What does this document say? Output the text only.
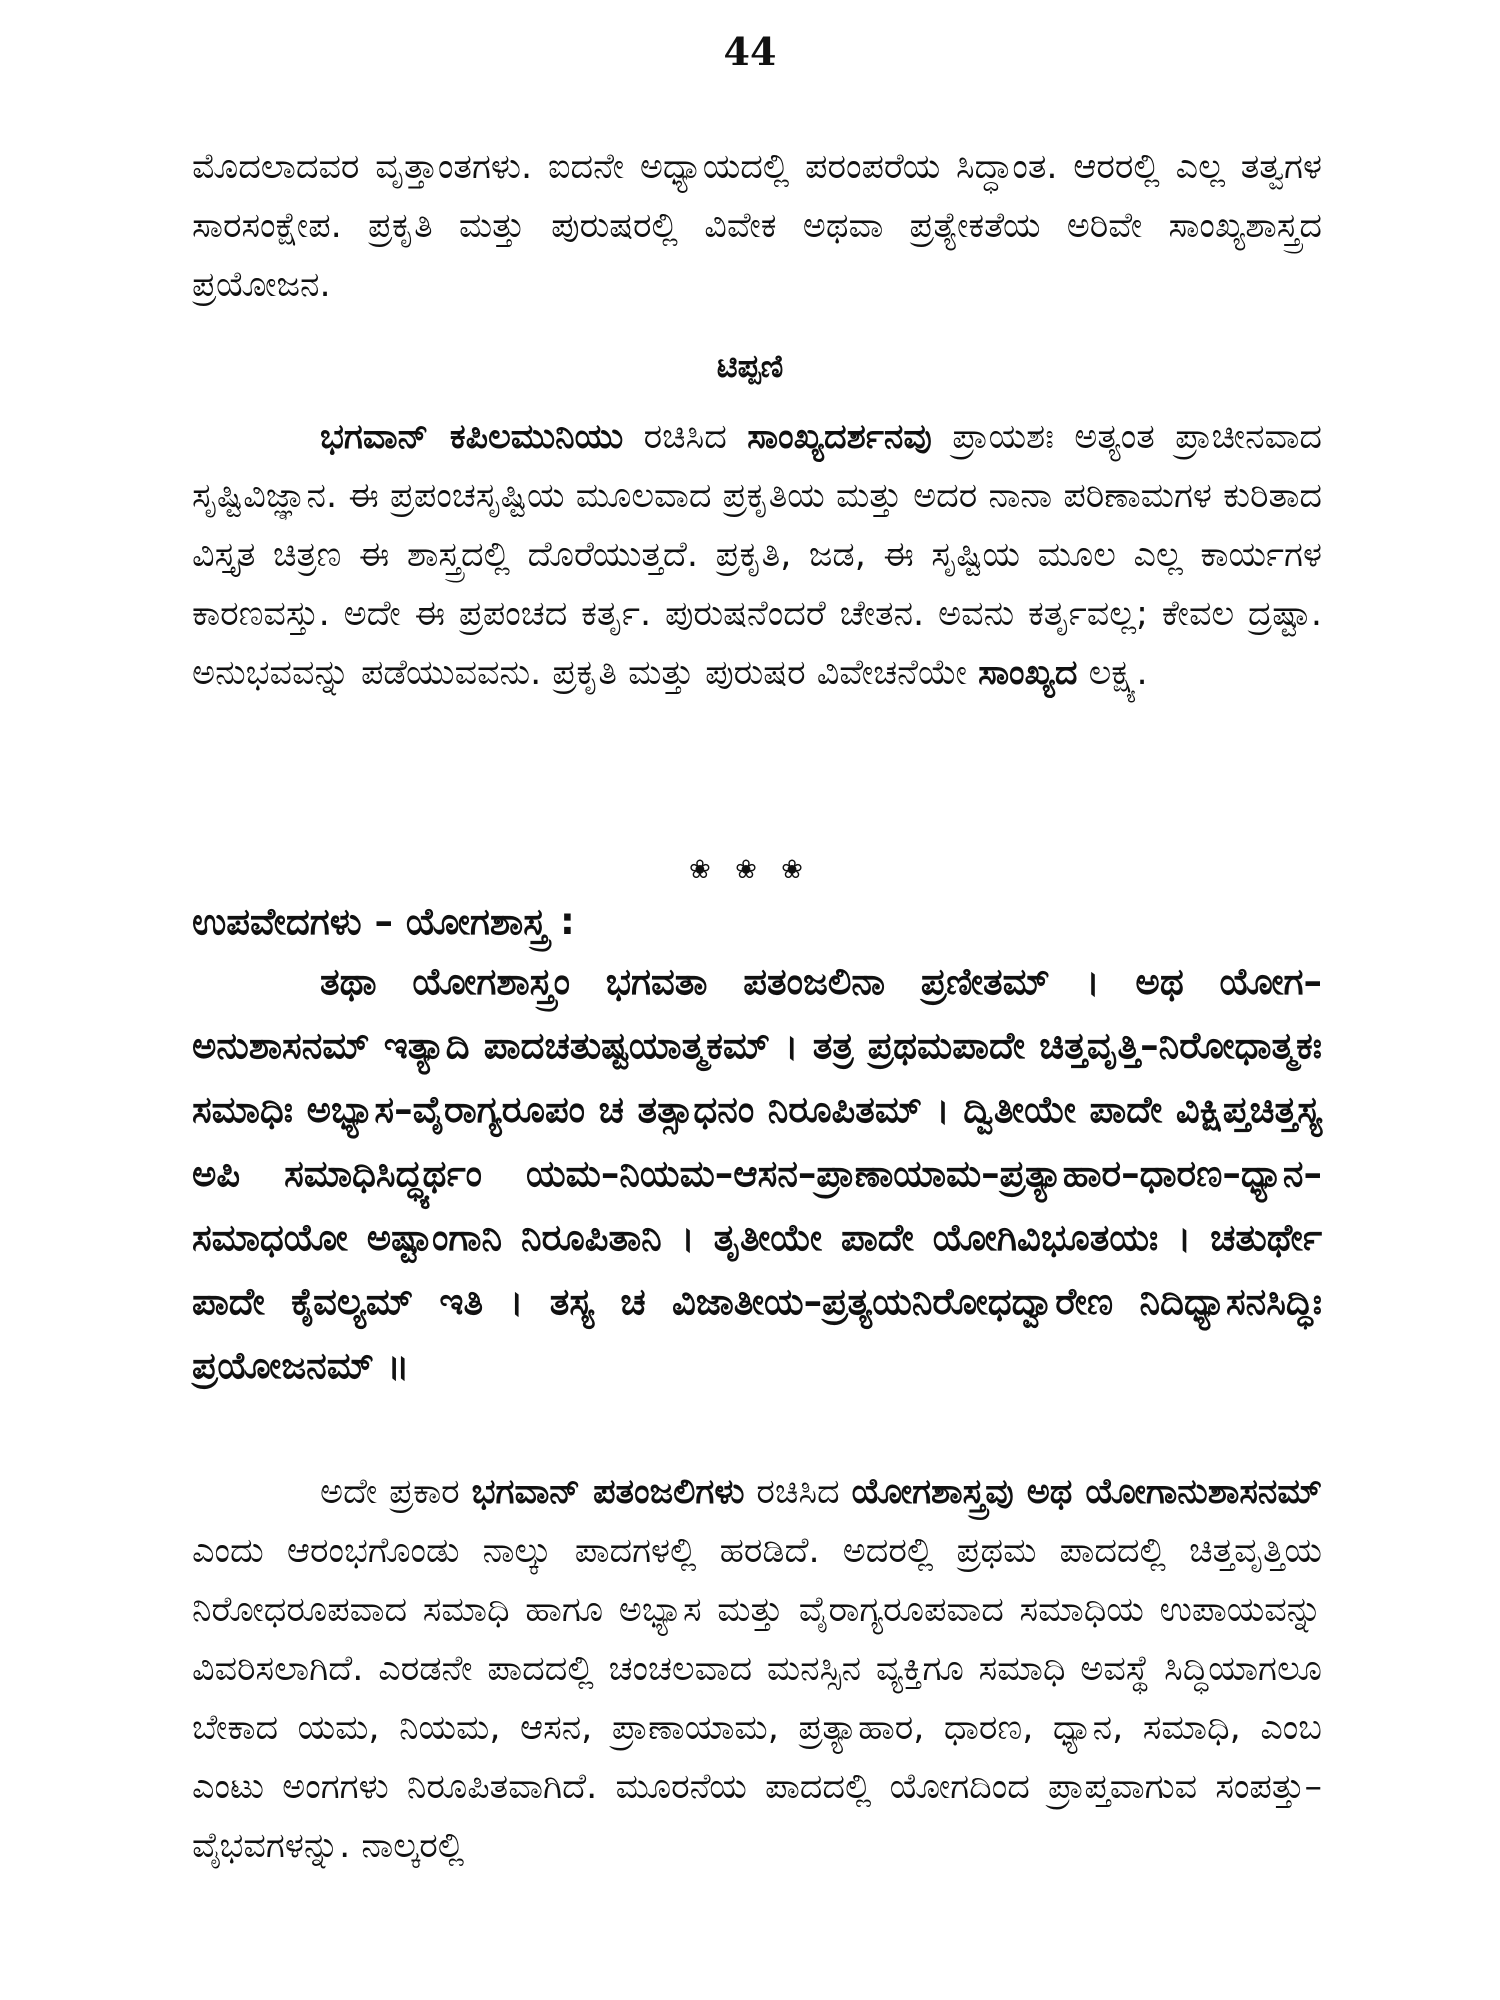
44

ಮೊದಲಾದವರ ವೃತ್ತಾಂತಗಳು. ಐದನೇ ಅಧ್ಯಾಯದಲ್ಲಿ ಪರಂಪರೆಯ ಸಿದ್ಧಾಂತ. ಆರರಲ್ಲಿ ಎಲ್ಲ ತತ್ವಗಳ ಸಾರಸಂಕ್ಷೇಪ. ಪ್ರಕೃತಿ ಮತ್ತು ಪುರುಷರಲ್ಲಿ ವಿವೇಕ ಅಥವಾ ಪ್ರತ್ಯೇಕತೆಯ ಅರಿವೇ ಸಾಂಖ್ಯಶಾಸ್ತ್ರದ ಪ್ರಯೋಜನ.

ಟಿಪ್ಪಣಿ

ಭಗವಾನ್ ಕಪಿಲಮುನಿಯು ರಚಿಸಿದ ಸಾಂಖ್ಯದರ್ಶನವು ಪ್ರಾಯಶಃ ಅತ್ಯಂತ ಪ್ರಾಚೀನವಾದ ಸೃಷ್ಟಿವಿಜ್ಞಾನ. ಈ ಪ್ರಪಂಚಸೃಷ್ಟಿಯ ಮೂಲವಾದ ಪ್ರಕೃತಿಯ ಮತ್ತು ಅದರ ನಾನಾ ಪರಿಣಾಮಗಳ ಕುರಿತಾದ ವಿಸ್ತೃತ ಚಿತ್ರಣ ಈ ಶಾಸ್ತ್ರದಲ್ಲಿ ದೊರೆಯುತ್ತದೆ. ಪ್ರಕೃತಿ, ಜಡ, ಈ ಸೃಷ್ಟಿಯ ಮೂಲ ಎಲ್ಲ ಕಾರ್ಯಗಳ ಕಾರಣವಸ್ತು. ಅದೇ ಈ ಪ್ರಪಂಚದ ಕರ್ತೃ. ಪುರುಷನೆಂದರೆ ಚೇತನ. ಅವನು ಕರ್ತೃವಲ್ಲ; ಕೇವಲ ದ್ರಷ್ಟಾ. ಅನುಭವವನ್ನು ಪಡೆಯುವವನು. ಪ್ರಕೃತಿ ಮತ್ತು ಪುರುಷರ ವಿವೇಚನೆಯೇ ಸಾಂಖ್ಯದ ಲಕ್ಷ್ಯ.

❀ ❀ ❀
ಉಪವೇದಗಳು – ಯೋಗಶಾಸ್ತ್ರ :

ತಥಾ ಯೋಗಶಾಸ್ತ್ರಂ ಭಗವತಾ ಪತಂಜಲಿನಾ ಪ್ರಣೀತಮ್ । ಅಥ ಯೋಗ–ಅನುಶಾಸನಮ್ ಇತ್ಯಾದಿ ಪಾದಚತುಷ್ಟಯಾತ್ಮಕಮ್ । ತತ್ರ ಪ್ರಥಮಪಾದೇ ಚಿತ್ತವೃತ್ತಿ–ನಿರೋಧಾತ್ಮಕಃ ಸಮಾಧಿಃ ಅಭ್ಯಾಸ–ವೈರಾಗ್ಯರೂಪಂ ಚ ತತ್ಸಾಧನಂ ನಿರೂಪಿತಮ್ । ದ್ವಿತೀಯೇ ಪಾದೇ ವಿಕ್ಷಿಪ್ತಚಿತ್ತಸ್ಯ ಅಪಿ ಸಮಾಧಿಸಿದ್ಧ್ಯರ್ಥಂ ಯಮ–ನಿಯಮ–ಆಸನ–ಪ್ರಾಣಾಯಾಮ–ಪ್ರತ್ಯಾಹಾರ–ಧಾರಣ–ಧ್ಯಾನ–ಸಮಾಧಯೋ ಅಷ್ಟಾಂಗಾನಿ ನಿರೂಪಿತಾನಿ । ತೃತೀಯೇ ಪಾದೇ ಯೋಗಿವಿಭೂತಯಃ । ಚತುರ್ಥೇ ಪಾದೇ ಕೈವಲ್ಯಮ್ ಇತಿ । ತಸ್ಯ ಚ ವಿಜಾತೀಯ–ಪ್ರತ್ಯಯನಿರೋಧದ್ವಾರೇಣ ನಿದಿಧ್ಯಾಸನಸಿದ್ಧಿಃ ಪ್ರಯೋಜನಮ್ ॥

ಅದೇ ಪ್ರಕಾರ ಭಗವಾನ್ ಪತಂಜಲಿಗಳು ರಚಿಸಿದ ಯೋಗಶಾಸ್ತ್ರವು ಅಥ ಯೋಗಾನುಶಾಸನಮ್ ಎಂದು ಆರಂಭಗೊಂಡು ನಾಲ್ಕು ಪಾದಗಳಲ್ಲಿ ಹರಡಿದೆ. ಅದರಲ್ಲಿ ಪ್ರಥಮ ಪಾದದಲ್ಲಿ ಚಿತ್ತವೃತ್ತಿಯ ನಿರೋಧರೂಪವಾದ ಸಮಾಧಿ ಹಾಗೂ ಅಭ್ಯಾಸ ಮತ್ತು ವೈರಾಗ್ಯರೂಪವಾದ ಸಮಾಧಿಯ ಉಪಾಯವನ್ನು ವಿವರಿಸಲಾಗಿದೆ. ಎರಡನೇ ಪಾದದಲ್ಲಿ ಚಂಚಲವಾದ ಮನಸ್ಸಿನ ವ್ಯಕ್ತಿಗೂ ಸಮಾಧಿ ಅವಸ್ಥೆ ಸಿದ್ಧಿಯಾಗಲೂ ಬೇಕಾದ ಯಮ, ನಿಯಮ, ಆಸನ, ಪ್ರಾಣಾಯಾಮ, ಪ್ರತ್ಯಾಹಾರ, ಧಾರಣ, ಧ್ಯಾನ, ಸಮಾಧಿ, ಎಂಬ ಎಂಟು ಅಂಗಗಳು ನಿರೂಪಿತವಾಗಿದೆ. ಮೂರನೆಯ ಪಾದದಲ್ಲಿ ಯೋಗದಿಂದ ಪ್ರಾಪ್ತವಾಗುವ ಸಂಪತ್ತು–ವೈಭವಗಳನ್ನು. ನಾಲ್ಕರಲ್ಲಿ
